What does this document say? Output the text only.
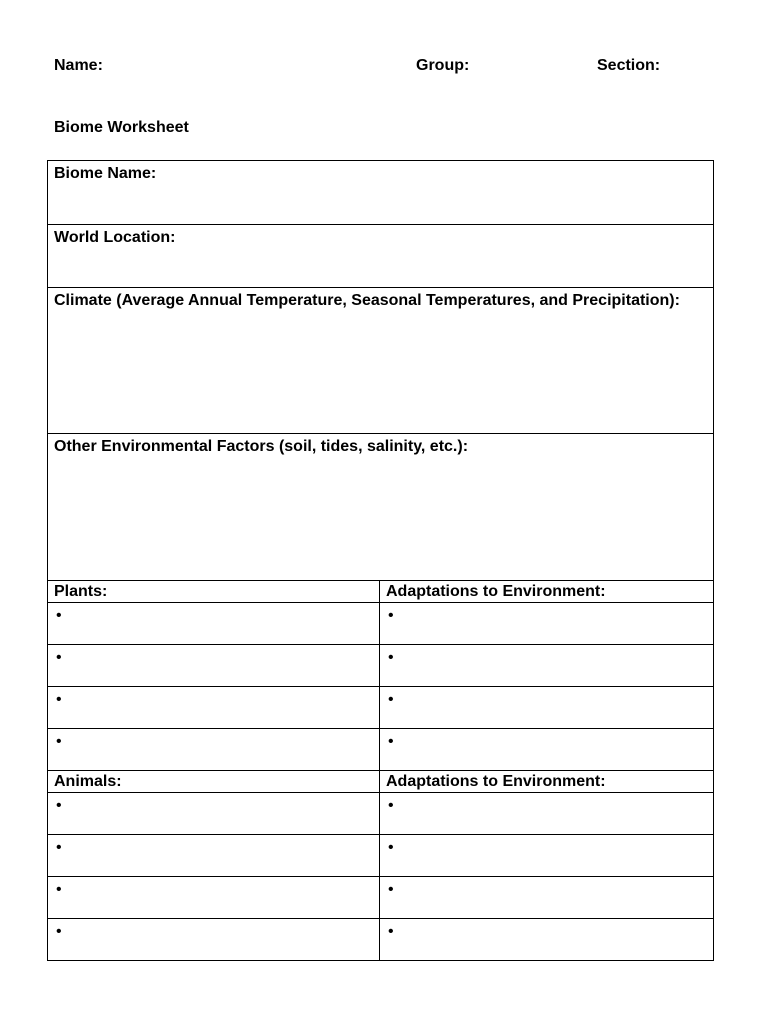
Name:	Group:	Section:
Biome Worksheet
Biome Name:	
World Location:	
Climate (Average Annual Temperature, Seasonal Temperatures, and Precipitation):	
Other Environmental Factors (soil, tides, salinity, etc.):	
Plants:	Adaptations to Environment:
•	•
•	•
•	•
•	•
Animals:	Adaptations to Environment:
•	•
•	•
•	•
•	•
